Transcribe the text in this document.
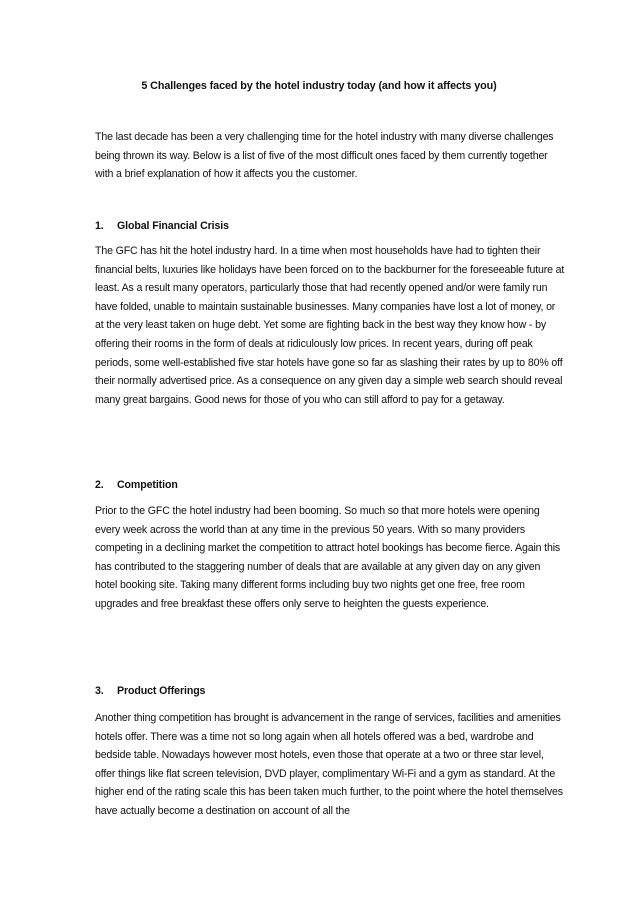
5 Challenges faced by the hotel industry today (and how it affects you)

The last decade has been a very challenging time for the hotel industry with many diverse challenges being thrown its way. Below is a list of five of the most difficult ones faced by them currently together with a brief explanation of how it affects you the customer.

1. Global Financial Crisis

The GFC has hit the hotel industry hard. In a time when most households have had to tighten their financial belts, luxuries like holidays have been forced on to the backburner for the foreseeable future at least. As a result many operators, particularly those that had recently opened and/or were family run have folded, unable to maintain sustainable businesses. Many companies have lost a lot of money, or at the very least taken on huge debt. Yet some are fighting back in the best way they know how - by offering their rooms in the form of deals at ridiculously low prices. In recent years, during off peak periods, some well-established five star hotels have gone so far as slashing their rates by up to 80% off their normally advertised price. As a consequence on any given day a simple web search should reveal many great bargains. Good news for those of you who can still afford to pay for a getaway.

2. Competition

Prior to the GFC the hotel industry had been booming. So much so that more hotels were opening every week across the world than at any time in the previous 50 years. With so many providers competing in a declining market the competition to attract hotel bookings has become fierce. Again this has contributed to the staggering number of deals that are available at any given day on any given hotel booking site. Taking many different forms including buy two nights get one free, free room upgrades and free breakfast these offers only serve to heighten the guests experience.

3. Product Offerings

Another thing competition has brought is advancement in the range of services, facilities and amenities hotels offer. There was a time not so long again when all hotels offered was a bed, wardrobe and bedside table. Nowadays however most hotels, even those that operate at a two or three star level, offer things like flat screen television, DVD player, complimentary Wi-Fi and a gym as standard. At the higher end of the rating scale this has been taken much further, to the point where the hotel themselves have actually become a destination on account of all the
